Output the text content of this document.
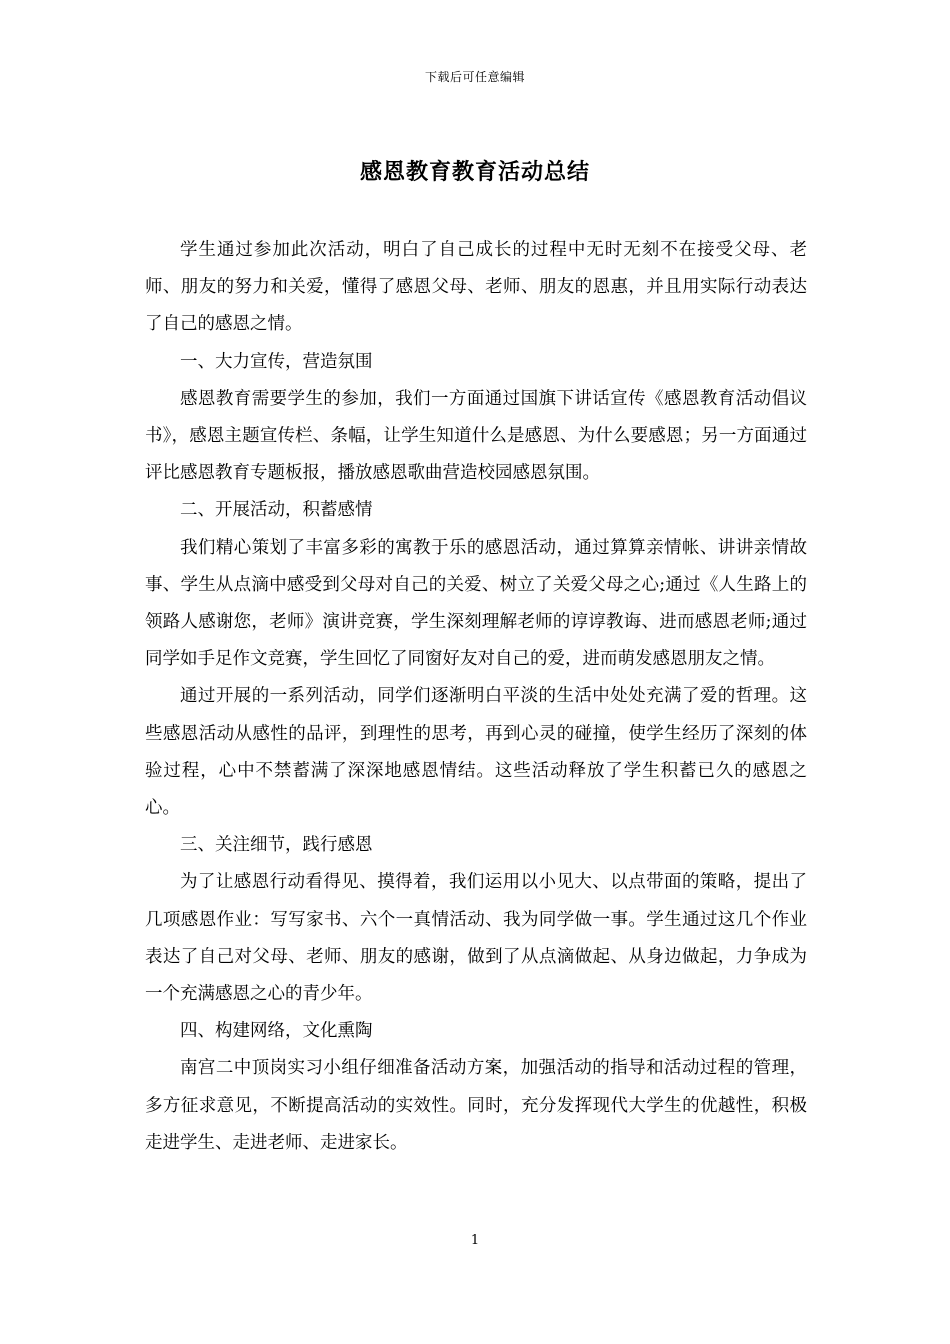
下载后可任意编辑
感恩教育教育活动总结

学生通过参加此次活动，明白了自己成长的过程中无时无刻不在接受父母、老师、朋友的努力和关爱，懂得了感恩父母、老师、朋友的恩惠，并且用实际行动表达了自己的感恩之情。

一、大力宣传，营造氛围

感恩教育需要学生的参加，我们一方面通过国旗下讲话宣传《感恩教育活动倡议书》，感恩主题宣传栏、条幅，让学生知道什么是感恩、为什么要感恩；另一方面通过评比感恩教育专题板报，播放感恩歌曲营造校园感恩氛围。

二、开展活动，积蓄感情

我们精心策划了丰富多彩的寓教于乐的感恩活动，通过算算亲情帐、讲讲亲情故事、学生从点滴中感受到父母对自己的关爱、树立了关爱父母之心;通过《人生路上的领路人感谢您，老师》演讲竞赛，学生深刻理解老师的谆谆教诲、进而感恩老师;通过同学如手足作文竞赛，学生回忆了同窗好友对自己的爱，进而萌发感恩朋友之情。

通过开展的一系列活动，同学们逐渐明白平淡的生活中处处充满了爱的哲理。这些感恩活动从感性的品评，到理性的思考，再到心灵的碰撞，使学生经历了深刻的体验过程，心中不禁蓄满了深深地感恩情结。这些活动释放了学生积蓄已久的感恩之心。

三、关注细节，践行感恩

为了让感恩行动看得见、摸得着，我们运用以小见大、以点带面的策略，提出了几项感恩作业：写写家书、六个一真情活动、我为同学做一事。学生通过这几个作业表达了自己对父母、老师、朋友的感谢，做到了从点滴做起、从身边做起，力争成为一个充满感恩之心的青少年。

四、构建网络，文化熏陶

南宫二中顶岗实习小组仔细准备活动方案，加强活动的指导和活动过程的管理，多方征求意见，不断提高活动的实效性。同时，充分发挥现代大学生的优越性，积极走进学生、走进老师、走进家长。

1
